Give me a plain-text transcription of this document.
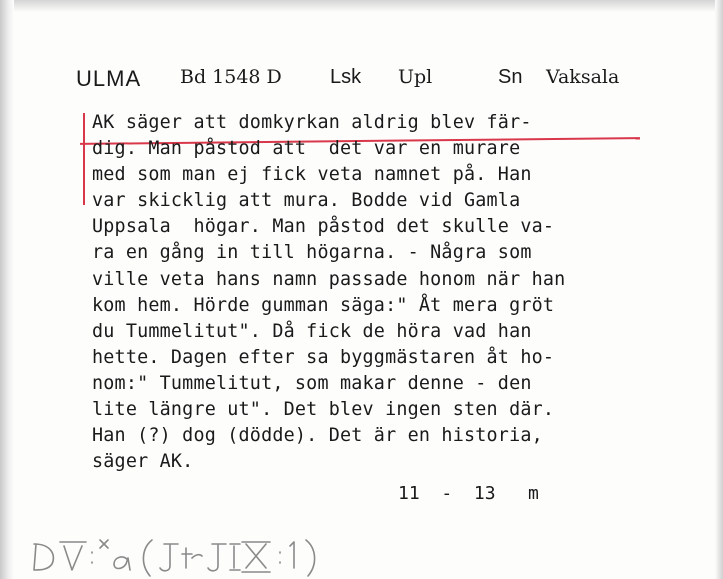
ULMA Bd 1548 D Lsk Upl	Sn Vaksala
AK säger att domkyrkan aldrig blev fär-
dig. Man påstod att  det var en murare
med som man ej fick veta namnet på. Han
var skicklig att mura. Bodde vid Gamla
Uppsala  högar. Man påstod det skulle va-
ra en gång in till högarna. - Några som
ville veta hans namn passade honom när han
kom hem. Hörde gumman säga:" Åt mera gröt
du Tummelitut". Då fick de höra vad han
hette. Dagen efter sa byggmästaren åt ho-
nom:" Tummelitut, som makar denne - den
lite längre ut". Det blev ingen sten där.
Han (?) dog (dödde). Det är en historia,
säger AK.
11  -  13   m
